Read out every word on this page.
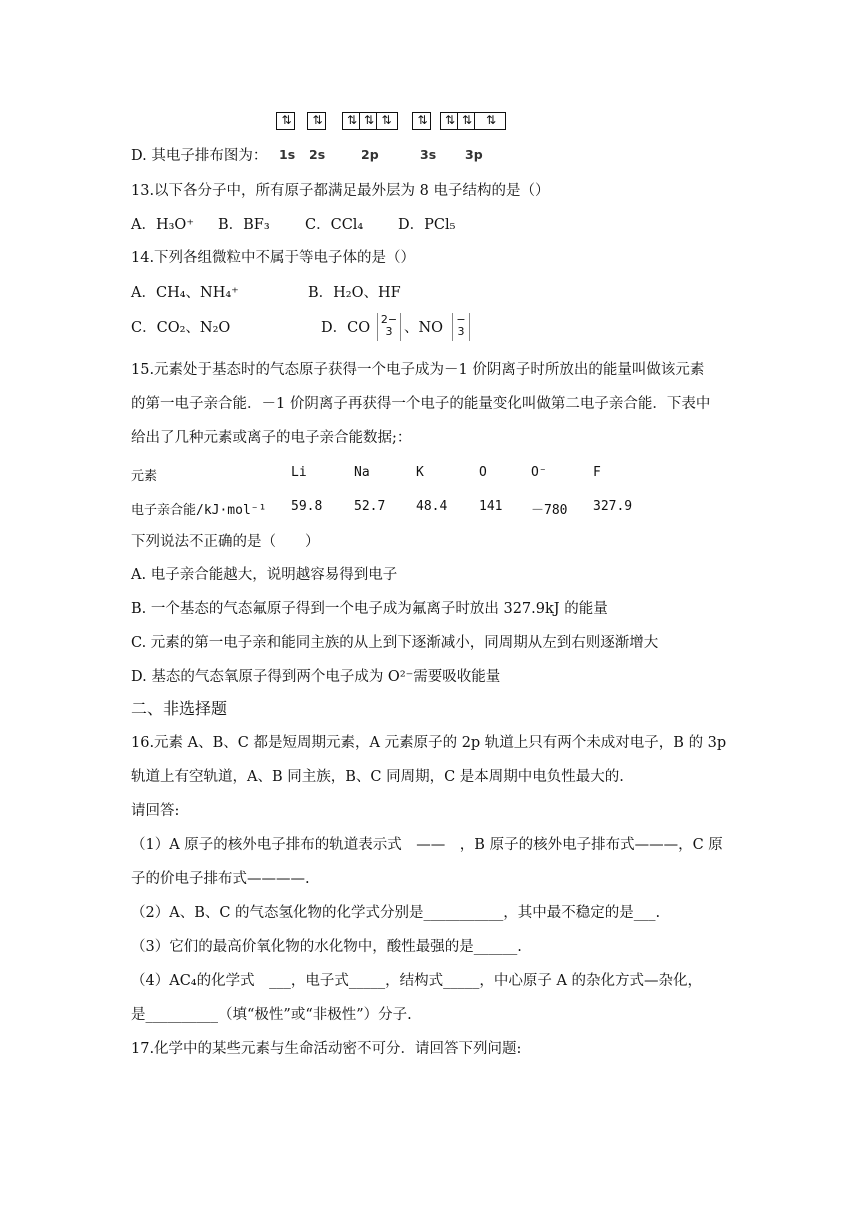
⇅	⇅	⇅ ⇅ ⇅	⇅	⇅ ⇅	⇅
D. 其电子排布图为： 1s 2s	2p	3s 3p
13.以下各分子中，所有原子都满足最外层为 8 电子结构的是（）
A．H₃O⁺ B．BF₃ C．CCl₄ D．PCl₅
14.下列各组微粒中不属于等电子体的是（）
A．CH₄、NH₄⁺	B．H₂O、HF
C．CO₂、N₂O	D．CO
2−
3 、NO
−
3
15.元素处于基态时的气态原子获得一个电子成为－1 价阴离子时所放出的能量叫做该元素
的第一电子亲合能．－1 价阴离子再获得一个电子的能量变化叫做第二电子亲合能．下表中
给出了几种元素或离子的电子亲合能数据;：
元素	Li	Na	K	O	O⁻	F
电子亲合能/kJ·mol⁻¹ 59.8 52.7 48.4 141 －780 327.9
下列说法不正确的是（　　）
A. 电子亲合能越大，说明越容易得到电子
B. 一个基态的气态氟原子得到一个电子成为氟离子时放出 327.9kJ 的能量
C. 元素的第一电子亲和能同主族的从上到下逐渐减小，同周期从左到右则逐渐增大
D. 基态的气态氧原子得到两个电子成为 O²⁻需要吸收能量
二、非选择题
16.元素 A、B、C 都是短周期元素，A 元素原子的 2p 轨道上只有两个未成对电子，B 的 3p
轨道上有空轨道，A、B 同主族，B、C 同周期，C 是本周期中电负性最大的.
请回答:
（1）A 原子的核外电子排布的轨道表示式　——　，B 原子的核外电子排布式———，C 原
子的价电子排布式————.
（2）A、B、C 的气态氢化物的化学式分别是___________，其中最不稳定的是___.
（3）它们的最高价氧化物的水化物中，酸性最强的是______.
（4）AC₄的化学式　___，电子式_____，结构式_____，中心原子 A 的杂化方式—杂化，
是__________（填“极性”或“非极性”）分子.
17.化学中的某些元素与生命活动密不可分．请回答下列问题:
